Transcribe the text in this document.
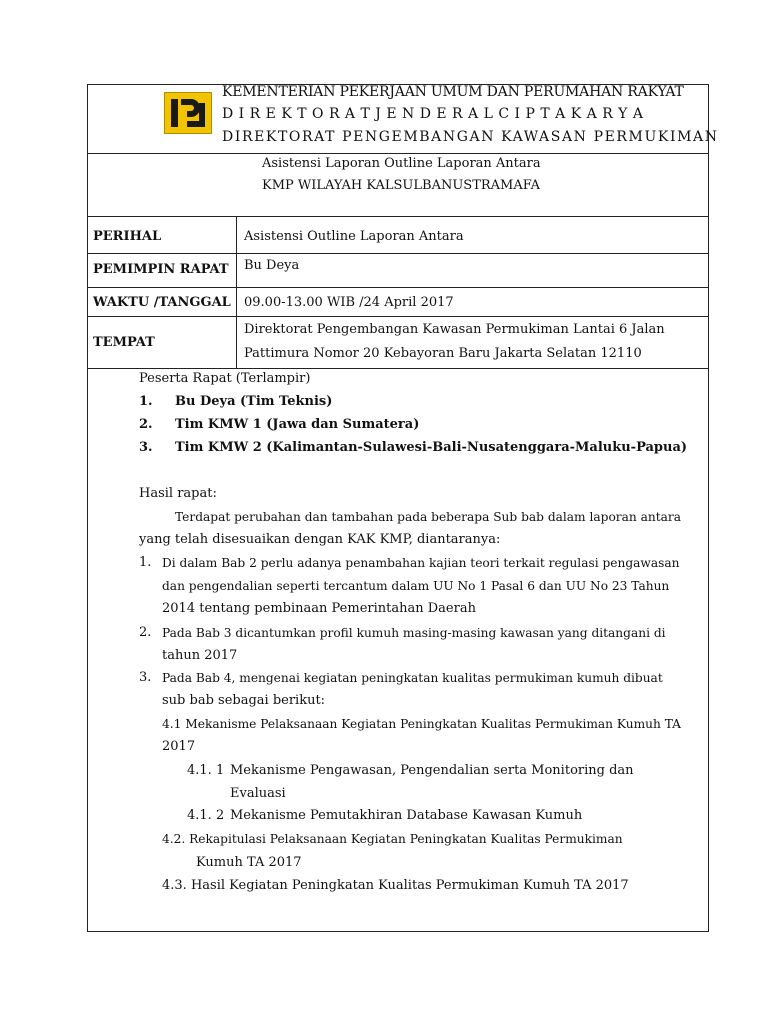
KEMENTERIAN PEKERJAAN UMUM DAN PERUMAHAN RAKYAT
D I R E K T O R A T J E N D E R A L C I P T A K A R Y A
DIREKTORAT PENGEMBANGAN KAWASAN PERMUKIMAN
Asistensi Laporan Outline Laporan Antara
KMP WILAYAH KALSULBANUSTRAMAFA
PERIHAL	Asistensi Outline Laporan Antara
PEMIMPIN RAPAT Bu Deya
WAKTU /TANGGAL 09.00-13.00 WIB /24 April 2017
TEMPAT
Direktorat Pengembangan Kawasan Permukiman Lantai 6 Jalan
Pattimura Nomor 20 Kebayoran Baru Jakarta Selatan 12110
Peserta Rapat (Terlampir)
1. Bu Deya (Tim Teknis)
2. Tim KMW 1 (Jawa dan Sumatera)
3. Tim KMW 2 (Kalimantan-Sulawesi-Bali-Nusatenggara-Maluku-Papua)
Hasil rapat:
Terdapat perubahan dan tambahan pada beberapa Sub bab dalam laporan antara
yang telah disesuaikan dengan KAK KMP, diantaranya:
1. Di dalam Bab 2 perlu adanya penambahan kajian teori terkait regulasi pengawasan
dan pengendalian seperti tercantum dalam UU No 1 Pasal 6 dan UU No 23 Tahun
2014 tentang pembinaan Pemerintahan Daerah
2. Pada Bab 3 dicantumkan profil kumuh masing-masing kawasan yang ditangani di
tahun 2017
3. Pada Bab 4, mengenai kegiatan peningkatan kualitas permukiman kumuh dibuat
sub bab sebagai berikut:
4.1 Mekanisme Pelaksanaan Kegiatan Peningkatan Kualitas Permukiman Kumuh TA
2017
4.1. 1 Mekanisme Pengawasan, Pengendalian serta Monitoring dan
Evaluasi
4.1. 2 Mekanisme Pemutakhiran Database Kawasan Kumuh
4.2. Rekapitulasi Pelaksanaan Kegiatan Peningkatan Kualitas Permukiman
Kumuh TA 2017
4.3. Hasil Kegiatan Peningkatan Kualitas Permukiman Kumuh TA 2017
